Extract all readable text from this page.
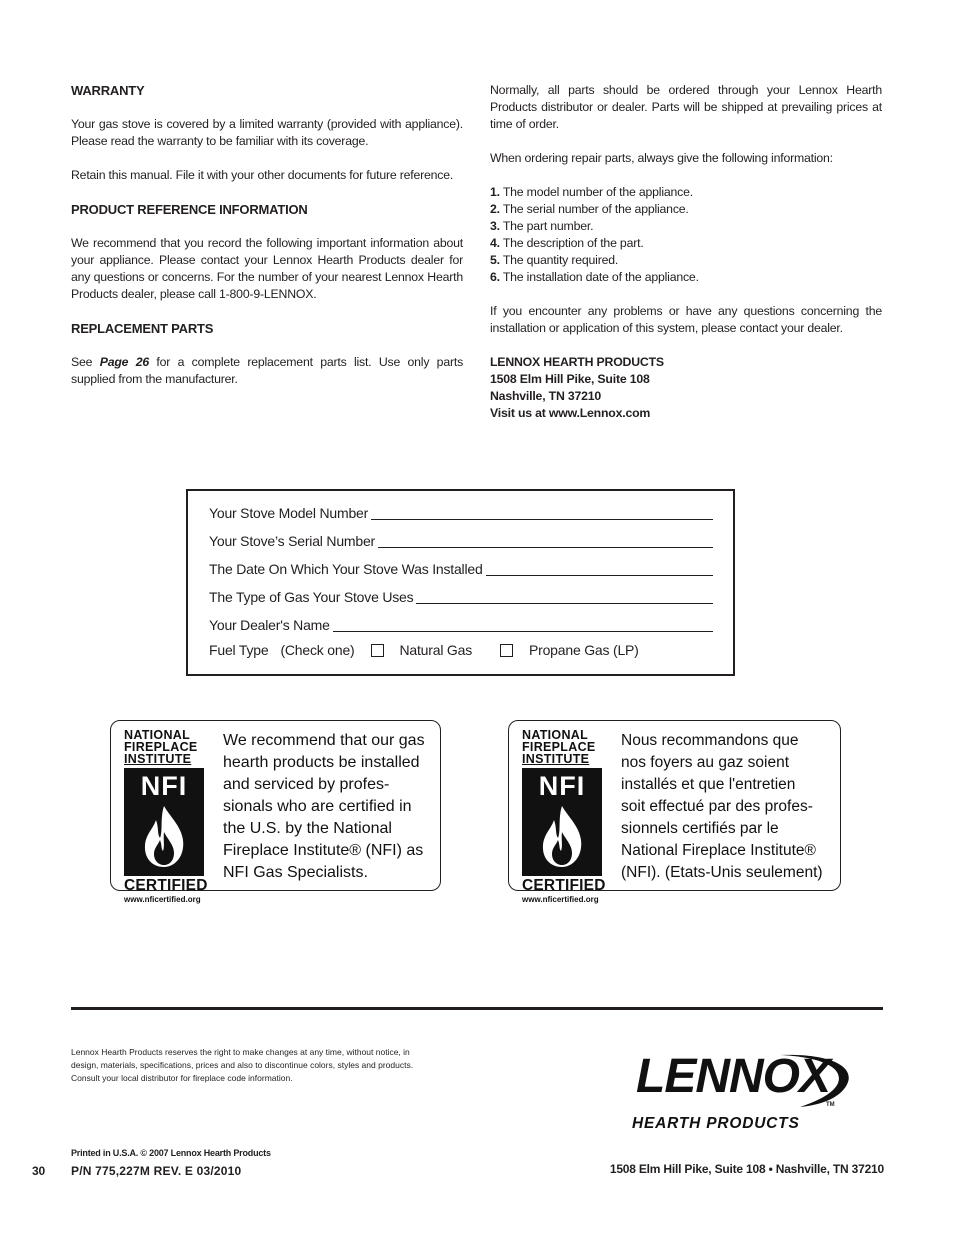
WARRANTY

Your gas stove is covered by a limited warranty (provided with appliance). Please read the warranty to be familiar with its coverage.

Retain this manual. File it with your other documents for future reference.

PRODUCT REFERENCE INFORMATION

We recommend that you record the following important information about your appliance. Please contact your Lennox Hearth Products dealer for any questions or concerns. For the number of your nearest Lennox Hearth Products dealer, please call 1-800-9-LENNOX.

REPLACEMENT PARTS

See Page 26 for a complete replacement parts list. Use only parts supplied from the manufacturer.

Normally, all parts should be ordered through your Lennox Hearth Products distributor or dealer. Parts will be shipped at prevailing prices at time of order.

When ordering repair parts, always give the following information:

1. The model number of the appliance.
2. The serial number of the appliance.
3. The part number.
4. The description of the part.
5. The quantity required.
6. The installation date of the appliance.

If you encounter any problems or have any questions concerning the installation or application of this system, please contact your dealer.

LENNOX HEARTH PRODUCTS
1508 Elm Hill Pike, Suite 108
Nashville, TN 37210
Visit us at www.Lennox.com
Your Stove Model Number
Your Stove’s Serial Number
The Date On Which Your Stove Was Installed
The Type of Gas Your Stove Uses
Your Dealer's Name
Fuel Type (Check one)	Natural Gas	Propane Gas (LP)
NATIONAL
FIREPLACE
INSTITUTE
NFI
CERTIFIED
www.nficertified.org
We recommend that our gas
hearth products be installed
and serviced by profes-
sionals who are certified in
the U.S. by the National
Fireplace Institute® (NFI) as
NFI Gas Specialists.
NATIONAL
FIREPLACE
INSTITUTE
NFI
CERTIFIED
www.nficertified.org
Nous recommandons que
nos foyers au gaz soient
installés et que l'entretien
soit effectué par des profes-
sionnels certifiés par le
National Fireplace Institute®
(NFI). (Etats-Unis seulement)
Lennox Hearth Products reserves the right to make changes at any time, without notice, in
design, materials, specifications, prices and also to discontinue colors, styles and products.
Consult your local distributor for fireplace code information.	LENNOX
TM
HEARTH PRODUCTS
Printed in U.S.A. © 2007 Lennox Hearth Products
30 P/N 775,227M REV. E 03/2010	1508 Elm Hill Pike, Suite 108 • Nashville, TN 37210
